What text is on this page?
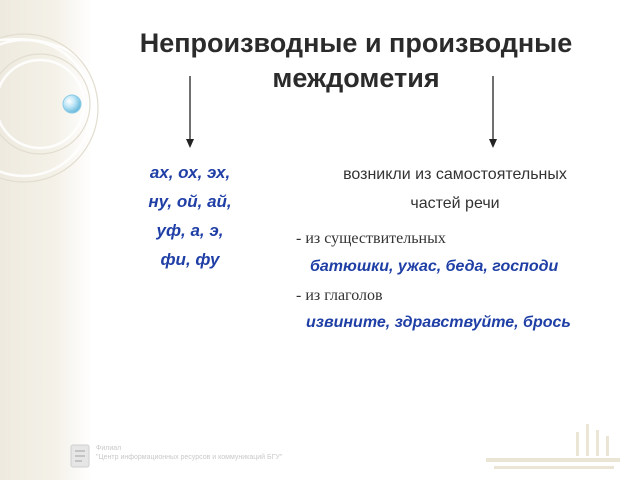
Непроизводные и производные
междометия
ах, ох, эх,
ну, ой, ай,
уф, а, э,
фи, фу
возникли из самостоятельных
частей речи
- из существительных
батюшки, ужас, беда, господи
- из глаголов
извините, здравствуйте, брось
Филиал
"Центр информационных ресурсов и коммуникаций БГУ"
